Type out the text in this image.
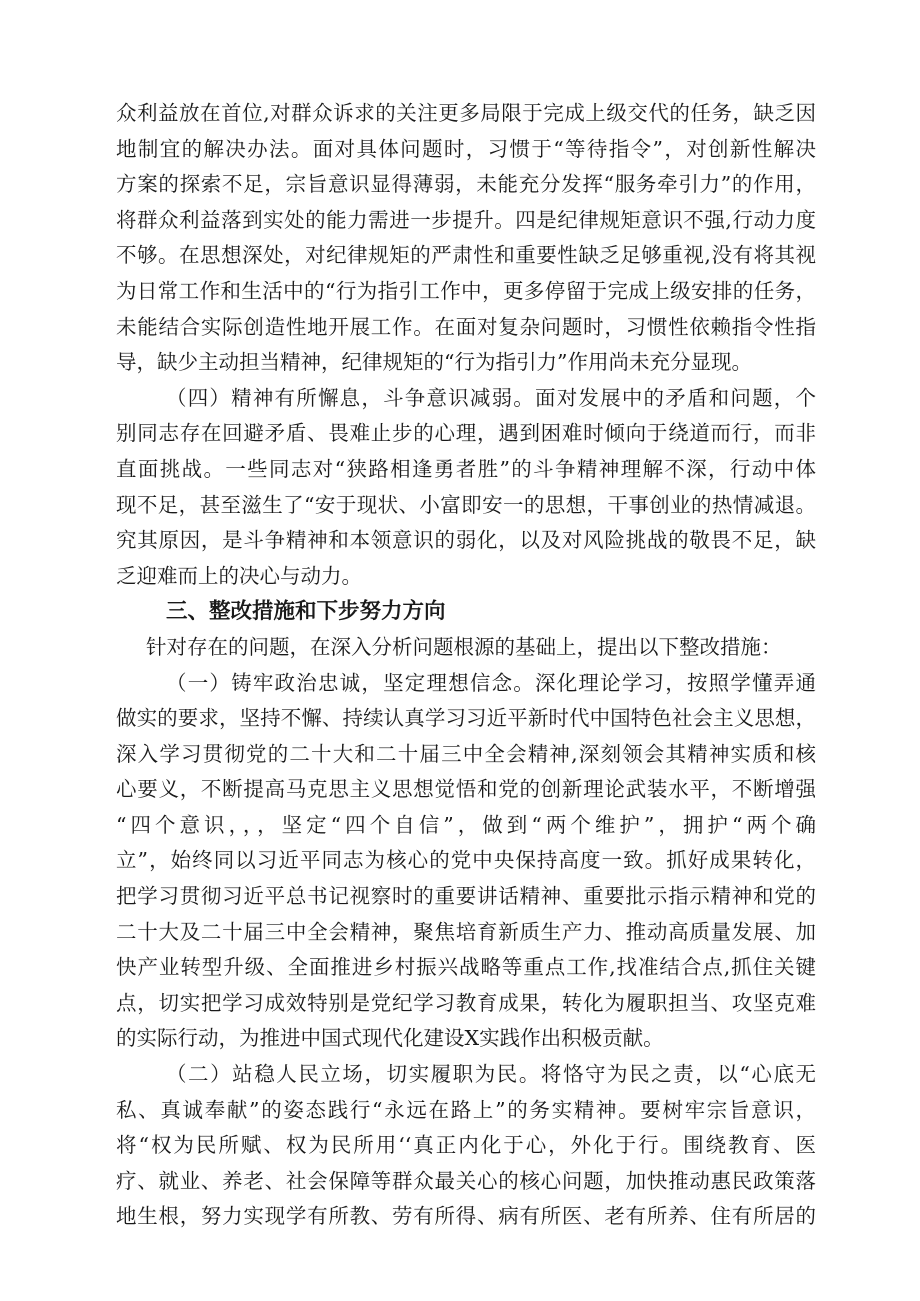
众利益放在首位,对群众诉求的关注更多局限于完成上级交代的任务，缺乏因
地制宜的解决办法。面对具体问题时，习惯于“等待指令”，对创新性解决
方案的探索不足，宗旨意识显得薄弱，未能充分发挥“服务牵引力”的作用，
将群众利益落到实处的能力需进一步提升。四是纪律规矩意识不强,行动力度
不够。在思想深处，对纪律规矩的严肃性和重要性缺乏足够重视,没有将其视
为日常工作和生活中的“行为指引工作中，更多停留于完成上级安排的任务，
未能结合实际创造性地开展工作。在面对复杂问题时，习惯性依赖指令性指
导，缺少主动担当精神，纪律规矩的“行为指引力”作用尚未充分显现。
（四）精神有所懈息，斗争意识减弱。面对发展中的矛盾和问题，个
别同志存在回避矛盾、畏难止步的心理，遇到困难时倾向于绕道而行，而非
直面挑战。一些同志对“狭路相逢勇者胜”的斗争精神理解不深，行动中体
现不足，甚至滋生了“安于现状、小富即安一的思想，干事创业的热情减退。
究其原因，是斗争精神和本领意识的弱化，以及对风险挑战的敬畏不足，缺
乏迎难而上的决心与动力。
三、整改措施和下步努力方向
针对存在的问题，在深入分析问题根源的基础上，提出以下整改措施：
（一）铸牢政治忠诚，坚定理想信念。深化理论学习，按照学懂弄通
做实的要求，坚持不懈、持续认真学习习近平新时代中国特色社会主义思想，
深入学习贯彻党的二十大和二十届三中全会精神,深刻领会其精神实质和核
心要义，不断提高马克思主义思想觉悟和党的创新理论武装水平，不断增强
“四个意识，，，坚定“四个自信”，做到“两个维护”，拥护“两个确
立”，始终同以习近平同志为核心的党中央保持高度一致。抓好成果转化，
把学习贯彻习近平总书记视察时的重要讲话精神、重要批示指示精神和党的
二十大及二十届三中全会精神，聚焦培育新质生产力、推动高质量发展、加
快产业转型升级、全面推进乡村振兴战略等重点工作,找准结合点,抓住关键
点，切实把学习成效特别是党纪学习教育成果，转化为履职担当、攻坚克难
的实际行动，为推进中国式现代化建设X实践作出积极贡献。
（二）站稳人民立场，切实履职为民。将恪守为民之责，以“心底无
私、真诚奉献”的姿态践行“永远在路上”的务实精神。要树牢宗旨意识，
将“权为民所赋、权为民所用‘‘真正内化于心，外化于行。围绕教育、医
疗、就业、养老、社会保障等群众最关心的核心问题，加快推动惠民政策落
地生根，努力实现学有所教、劳有所得、病有所医、老有所养、住有所居的
